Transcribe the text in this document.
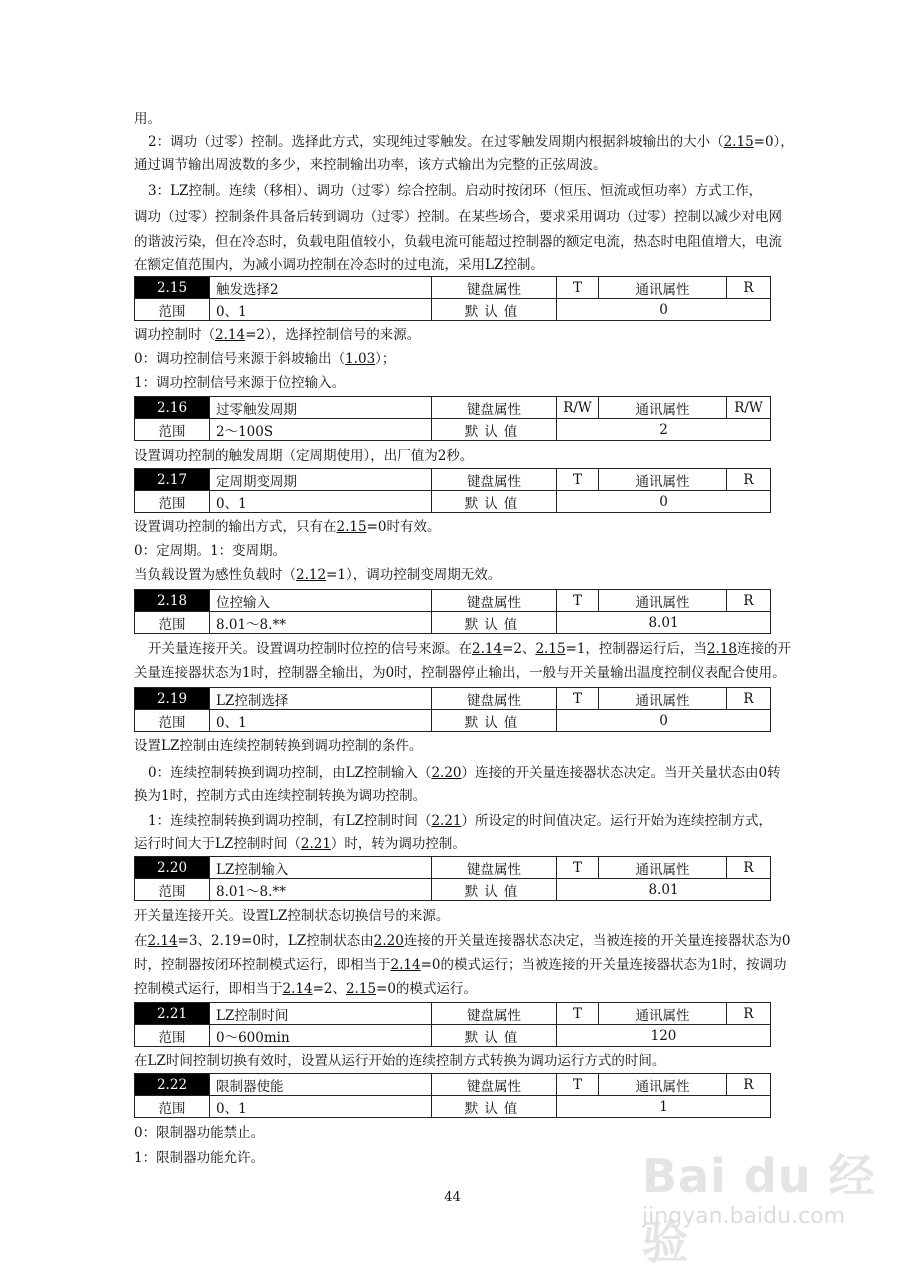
用。
2：调功（过零）控制。选择此方式，实现纯过零触发。在过零触发周期内根据斜坡输出的大小（2.15=0），
通过调节输出周波数的多少，来控制输出功率，该方式输出为完整的正弦周波。
3：LZ控制。连续（移相）、调功（过零）综合控制。启动时按闭环（恒压、恒流或恒功率）方式工作，
调功（过零）控制条件具备后转到调功（过零）控制。在某些场合，要求采用调功（过零）控制以减少对电网
的谐波污染，但在冷态时，负载电阻值较小，负载电流可能超过控制器的额定电流，热态时电阻值增大，电流
在额定值范围内，为减小调功控制在冷态时的过电流，采用LZ控制。
2.15	触发选择2	键盘属性	T	通讯属性	R
范围	0、1	默认值	0		
调功控制时（2.14=2），选择控制信号的来源。
0：调功控制信号来源于斜坡输出（1.03）；
1：调功控制信号来源于位控输入。
2.16	过零触发周期	键盘属性	R/W	通讯属性	R/W
范围	2～100S	默认值	2		
设置调功控制的触发周期（定周期使用），出厂值为2秒。
2.17	定周期变周期	键盘属性	T	通讯属性	R
范围	0、1	默认值	0		
设置调功控制的输出方式，只有在2.15=0时有效。
0：定周期。1：变周期。
当负载设置为感性负载时（2.12=1），调功控制变周期无效。
2.18	位控输入	键盘属性	T	通讯属性	R
范围	8.01～8.**	默认值	8.01		
开关量连接开关。设置调功控制时位控的信号来源。在2.14=2、2.15=1，控制器运行后，当2.18连接的开
关量连接器状态为1时，控制器全输出，为0时，控制器停止输出，一般与开关量输出温度控制仪表配合使用。
2.19	LZ控制选择	键盘属性	T	通讯属性	R
范围	0、1	默认值	0		
设置LZ控制由连续控制转换到调功控制的条件。
0：连续控制转换到调功控制，由LZ控制输入（2.20）连接的开关量连接器状态决定。当开关量状态由0转
换为1时，控制方式由连续控制转换为调功控制。
1：连续控制转换到调功控制，有LZ控制时间（2.21）所设定的时间值决定。运行开始为连续控制方式，
运行时间大于LZ控制时间（2.21）时，转为调功控制。
2.20	LZ控制输入	键盘属性	T	通讯属性	R
范围	8.01～8.**	默认值	8.01		
开关量连接开关。设置LZ控制状态切换信号的来源。
在2.14=3、2.19=0时，LZ控制状态由2.20连接的开关量连接器状态决定，当被连接的开关量连接器状态为0
时，控制器按闭环控制模式运行，即相当于2.14=0的模式运行；当被连接的开关量连接器状态为1时，按调功
控制模式运行，即相当于2.14=2、2.15=0的模式运行。
2.21	LZ控制时间	键盘属性	T	通讯属性	R
范围	0～600min	默认值	120		
在LZ时间控制切换有效时，设置从运行开始的连续控制方式转换为调功运行方式的时间。
2.22	限制器使能	键盘属性	T	通讯属性	R
范围	0、1	默认值	1		
0：限制器功能禁止。
1：限制器功能允许。
44	Bai du 经验
jingyan.baidu.com
